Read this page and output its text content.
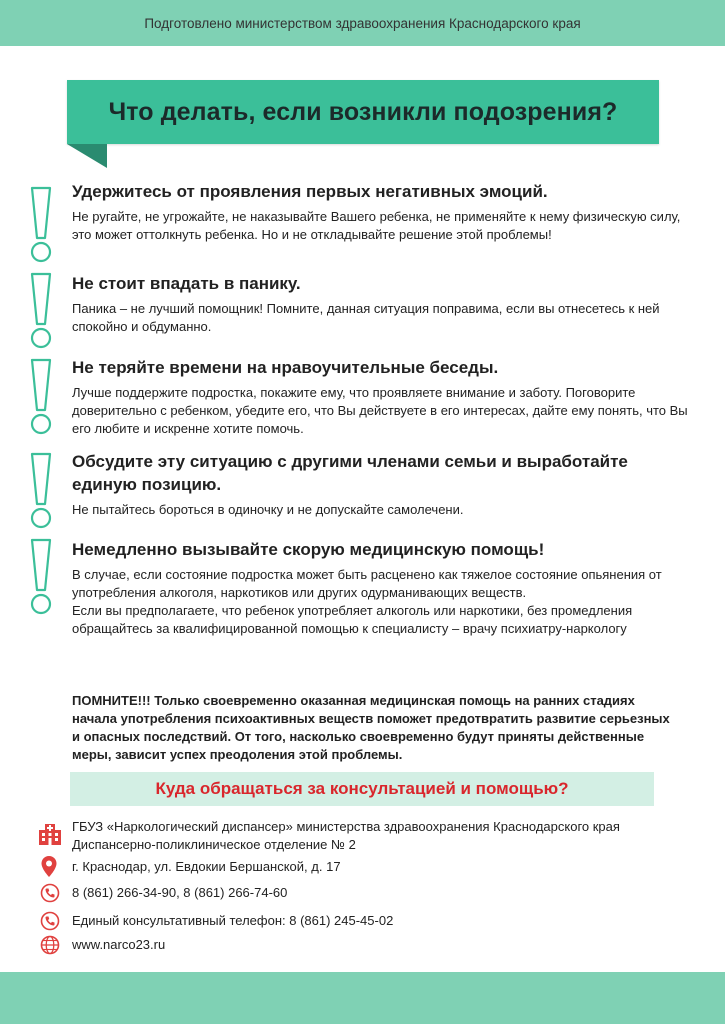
Подготовлено министерством здравоохранения Краснодарского края
Что делать, если возникли подозрения?
Удержитесь от проявления первых негативных эмоций.

Не ругайте, не угрожайте, не наказывайте Вашего ребенка, не применяйте к нему физическую силу, это может оттолкнуть ребенка. Но и не откладывайте решение этой проблемы!

Не стоит впадать в панику.

Паника – не лучший помощник! Помните, данная ситуация поправима, если вы отнесетесь к ней спокойно и обдуманно.

Не теряйте времени на нравоучительные беседы.

Лучше поддержите подростка, покажите ему, что проявляете внимание и заботу. Поговорите доверительно с ребенком, убедите его, что Вы действуете в его интересах, дайте ему понять, что Вы его любите и искренне хотите помочь.

Обсудите эту ситуацию с другими членами семьи и выработайте единую позицию.

Не пытайтесь бороться в одиночку и не допускайте самолечени.

Немедленно вызывайте скорую медицинскую помощь!

В случае, если состояние подростка может быть расценено как тяжелое состояние опьянения от употребления алкоголя, наркотиков или других одурманивающих веществ.

Если вы предполагаете, что ребенок употребляет алкоголь или наркотики, без промедления обращайтесь за квалифицированной помощью к специалисту – врачу психиатру-наркологу

ПОМНИТЕ!!! Только своевременно оказанная медицинская помощь на ранних стадиях начала употребления психоактивных веществ поможет предотвратить развитие серьезных и опасных последствий. От того, насколько своевременно будут приняты действенные меры, зависит успех преодоления этой проблемы.
Куда обращаться за консультацией и помощью?
ГБУЗ «Наркологический диспансер» министерства здравоохранения Краснодарского края
Диспансерно-поликлиническое отделение № 2
г. Краснодар, ул. Евдокии Бершанской, д. 17
8 (861) 266-34-90, 8 (861) 266-74-60
Единый консультативный телефон: 8 (861) 245-45-02
www.narco23.ru
